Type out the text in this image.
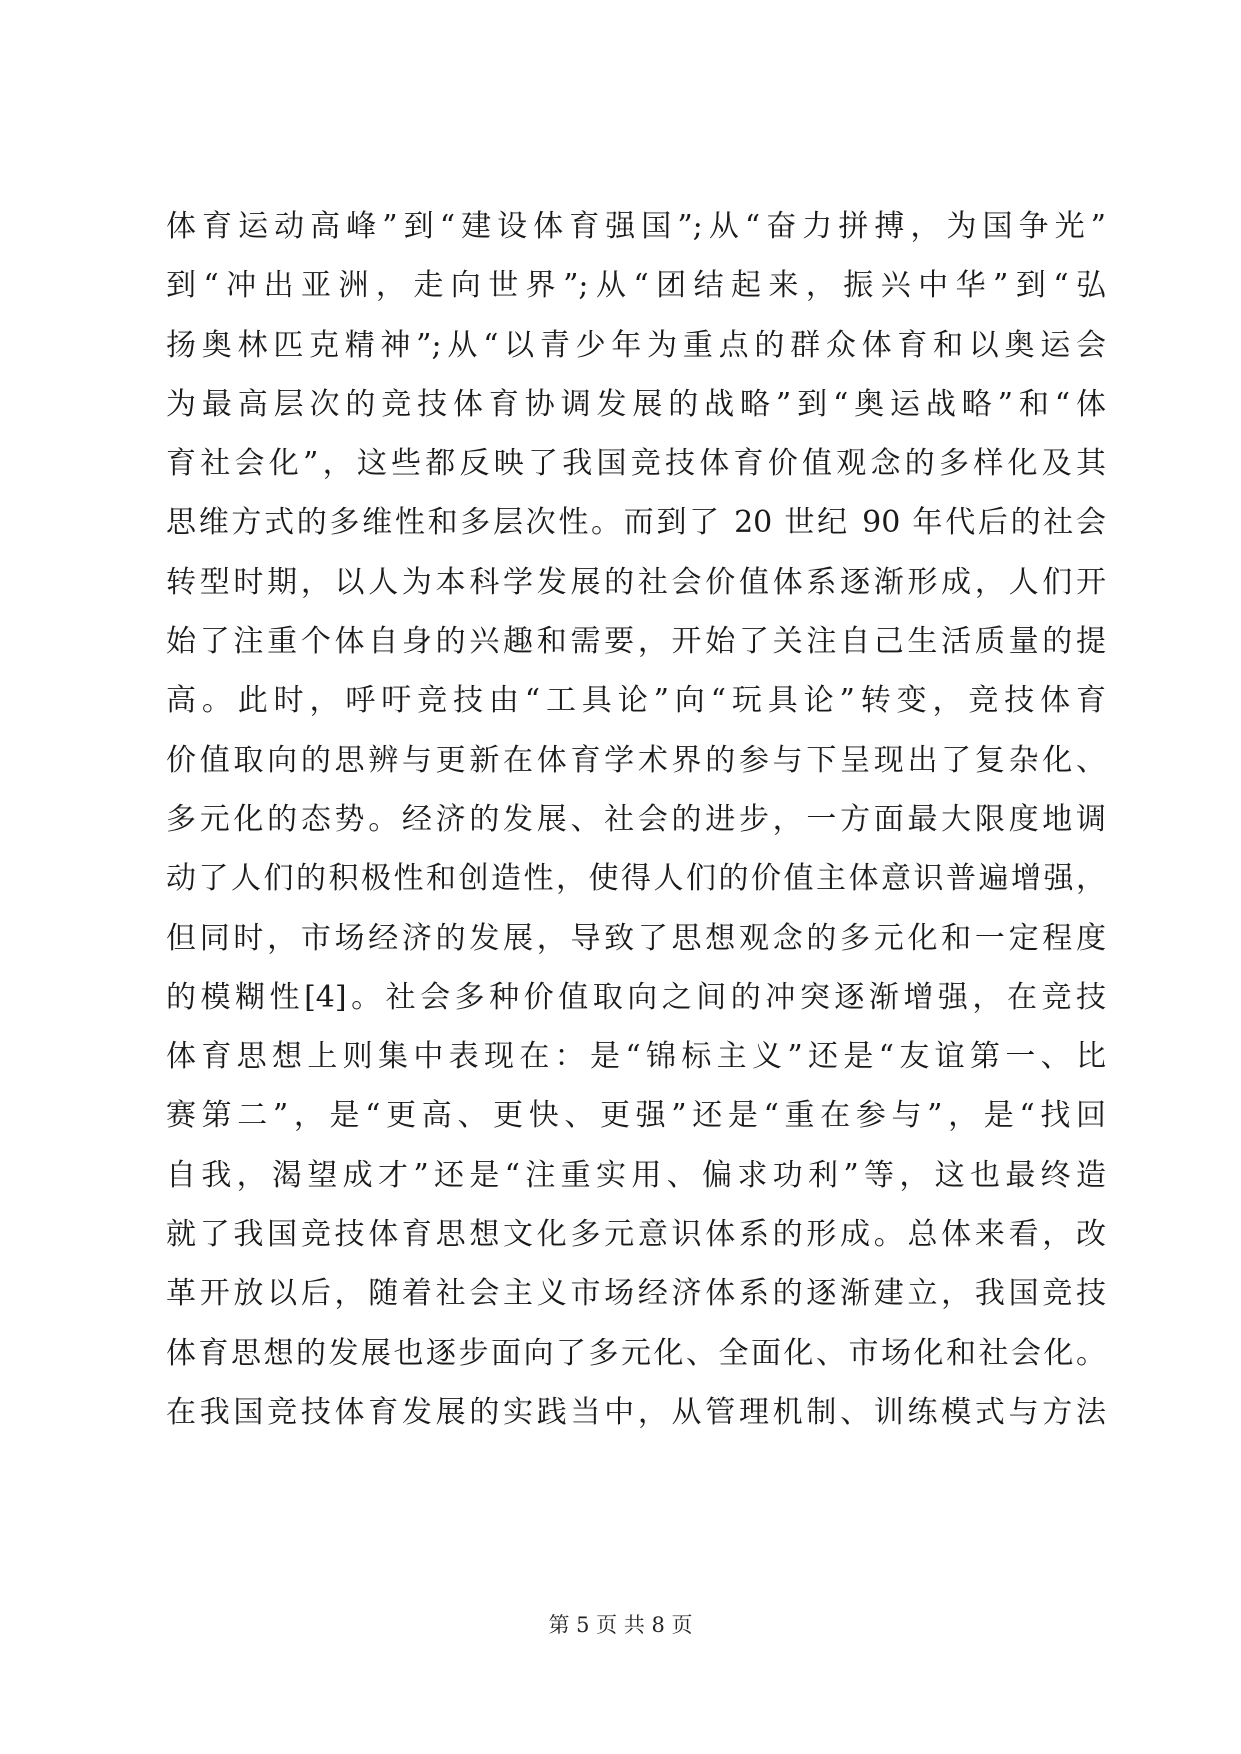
体育运动高峰”到“建设体育强国”;从“奋力拼搏，为国争光”
到“冲出亚洲，走向世界”;从“团结起来，振兴中华”到“弘
扬奥林匹克精神”;从“以青少年为重点的群众体育和以奥运会
为最高层次的竞技体育协调发展的战略”到“奥运战略”和“体
育社会化”，这些都反映了我国竞技体育价值观念的多样化及其
思维方式的多维性和多层次性。而到了 20 世纪 90 年代后的社会
转型时期，以人为本科学发展的社会价值体系逐渐形成，人们开
始了注重个体自身的兴趣和需要，开始了关注自己生活质量的提
高。此时，呼吁竞技由“工具论”向“玩具论”转变，竞技体育
价值取向的思辨与更新在体育学术界的参与下呈现出了复杂化、
多元化的态势。经济的发展、社会的进步，一方面最大限度地调
动了人们的积极性和创造性，使得人们的价值主体意识普遍增强，
但同时，市场经济的发展，导致了思想观念的多元化和一定程度
的模糊性[4]。社会多种价值取向之间的冲突逐渐增强，在竞技
体育思想上则集中表现在：是“锦标主义”还是“友谊第一、比
赛第二”，是“更高、更快、更强”还是“重在参与”，是“找回
自我，渴望成才”还是“注重实用、偏求功利”等，这也最终造
就了我国竞技体育思想文化多元意识体系的形成。总体来看，改
革开放以后，随着社会主义市场经济体系的逐渐建立，我国竞技
体育思想的发展也逐步面向了多元化、全面化、市场化和社会化。
在我国竞技体育发展的实践当中，从管理机制、训练模式与方法
第 5 页 共 8 页
